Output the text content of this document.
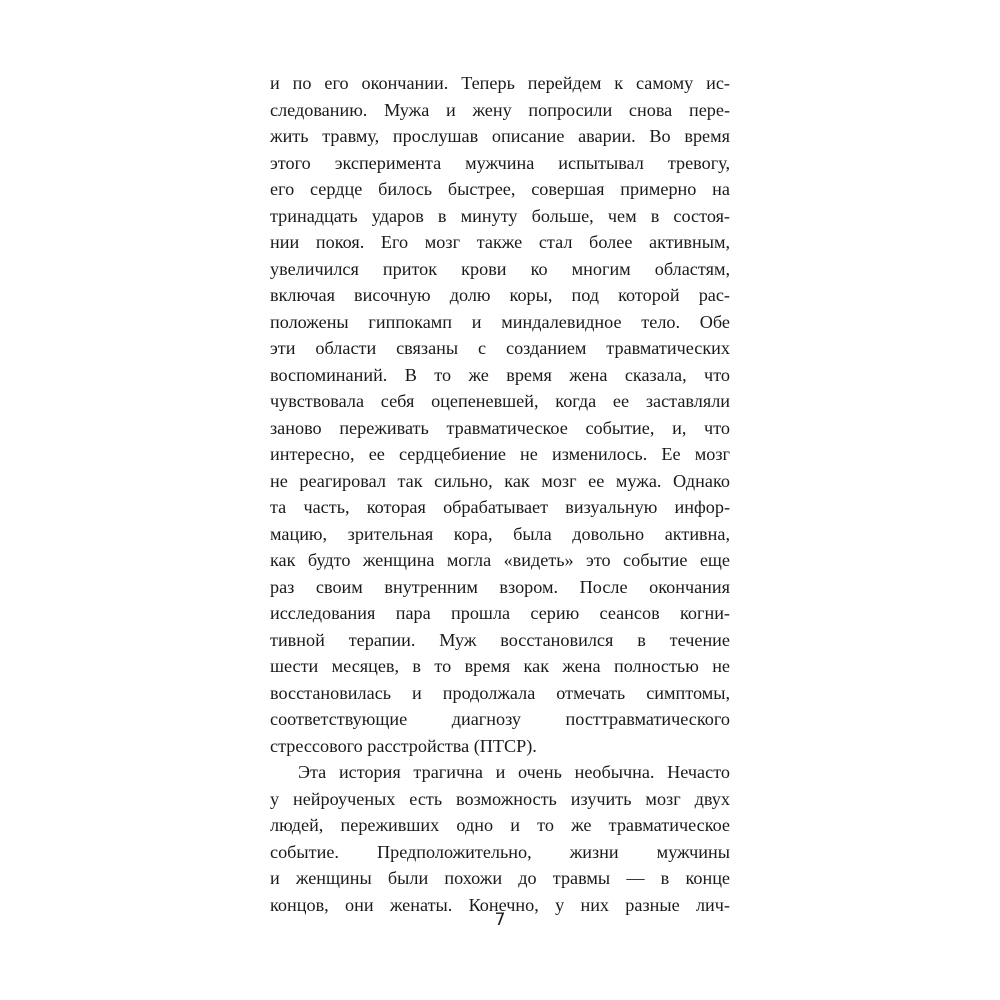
и по его окончании. Теперь перейдем к самому ис-
следованию. Мужа и жену попросили снова пере-
жить травму, прослушав описание аварии. Во время
этого эксперимента мужчина испытывал тревогу,
его сердце билось быстрее, совершая примерно на
тринадцать ударов в минуту больше, чем в состоя-
нии покоя. Его мозг также стал более активным,
увеличился приток крови ко многим областям,
включая височную долю коры, под которой рас-
положены гиппокамп и миндалевидное тело. Обе
эти области связаны с созданием травматических
воспоминаний. В то же время жена сказала, что
чувствовала себя оцепеневшей, когда ее заставляли
заново переживать травматическое событие, и, что
интересно, ее сердцебиение не изменилось. Ее мозг
не реагировал так сильно, как мозг ее мужа. Однако
та часть, которая обрабатывает визуальную инфор-
мацию, зрительная кора, была довольно активна,
как будто женщина могла «видеть» это событие еще
раз своим внутренним взором. После окончания
исследования пара прошла серию сеансов когни-
тивной терапии. Муж восстановился в течение
шести месяцев, в то время как жена полностью не
восстановилась и продолжала отмечать симптомы,
соответствующие диагнозу посттравматического
стрессового расстройства (ПТСР).
Эта история трагична и очень необычна. Нечасто
у нейроученых есть возможность изучить мозг двух
людей, переживших одно и то же травматическое
событие. Предположительно, жизни мужчины
и женщины были похожи до травмы — в конце
концов, они женаты. Конечно, у них разные лич-
7
